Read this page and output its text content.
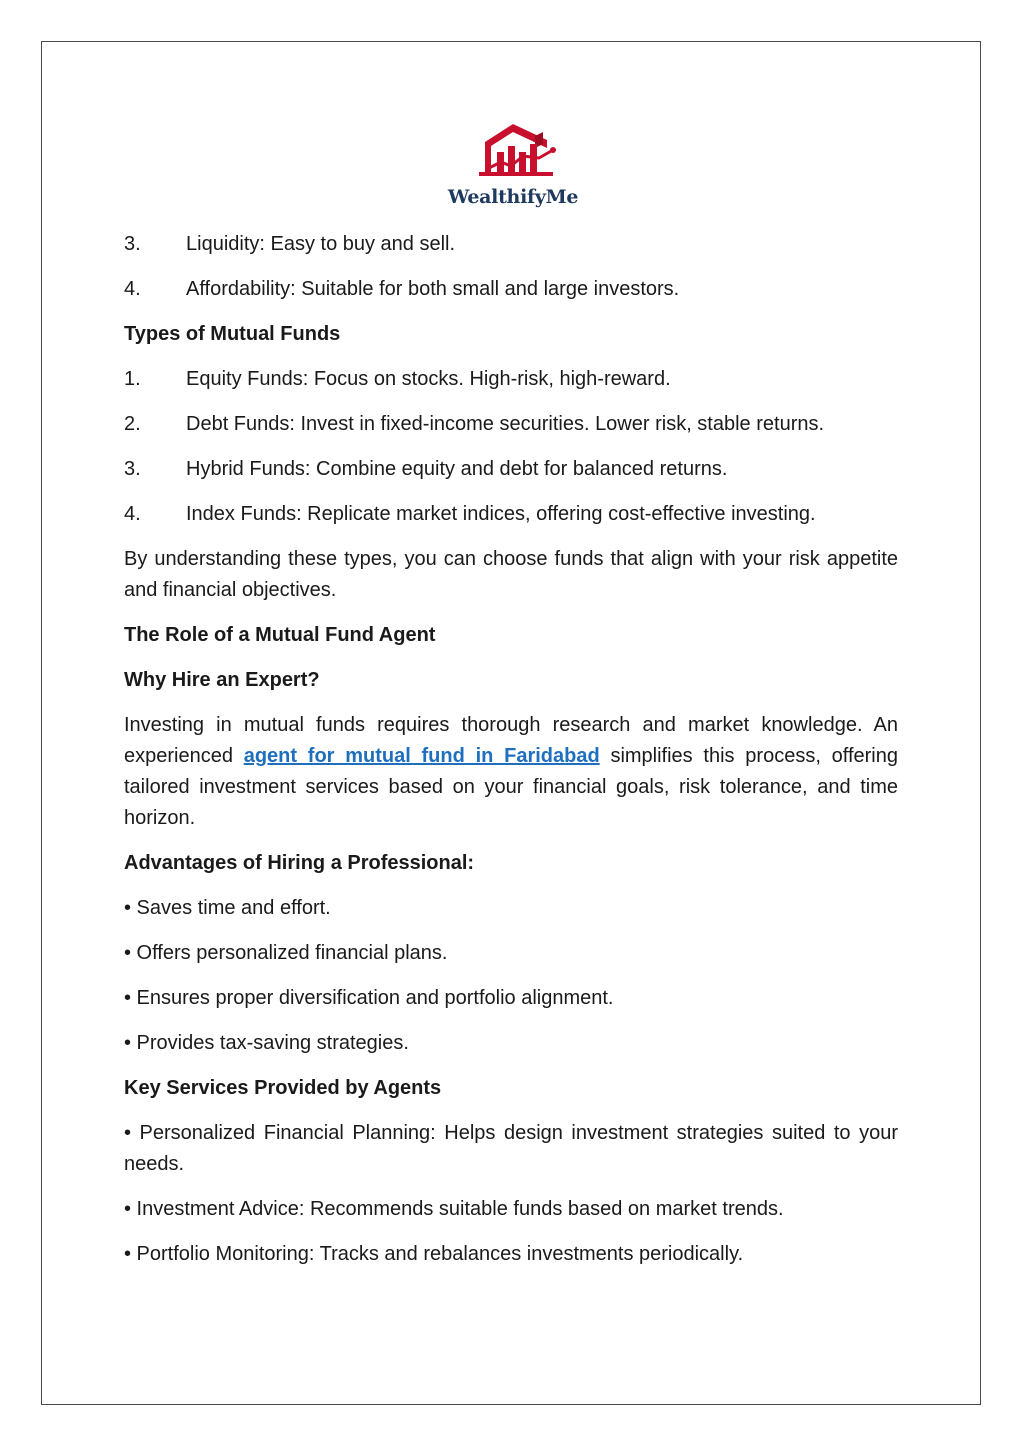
WealthifyMe
3.	Liquidity: Easy to buy and sell.
4.	Affordability: Suitable for both small and large investors.
Types of Mutual Funds
1.	Equity Funds: Focus on stocks. High-risk, high-reward.
2.	Debt Funds: Invest in fixed-income securities. Lower risk, stable returns.
3.	Hybrid Funds: Combine equity and debt for balanced returns.
4.	Index Funds: Replicate market indices, offering cost-effective investing.

By understanding these types, you can choose funds that align with your risk appetite and financial objectives.

The Role of a Mutual Fund Agent
Why Hire an Expert?

Investing in mutual funds requires thorough research and market knowledge. An experienced agent for mutual fund in Faridabad simplifies this process, offering tailored investment services based on your financial goals, risk tolerance, and time horizon.

Advantages of Hiring a Professional:
• Saves time and effort.
• Offers personalized financial plans.
• Ensures proper diversification and portfolio alignment.
• Provides tax-saving strategies.
Key Services Provided by Agents
• Personalized Financial Planning: Helps design investment strategies suited to your needs.
• Investment Advice: Recommends suitable funds based on market trends.
• Portfolio Monitoring: Tracks and rebalances investments periodically.
